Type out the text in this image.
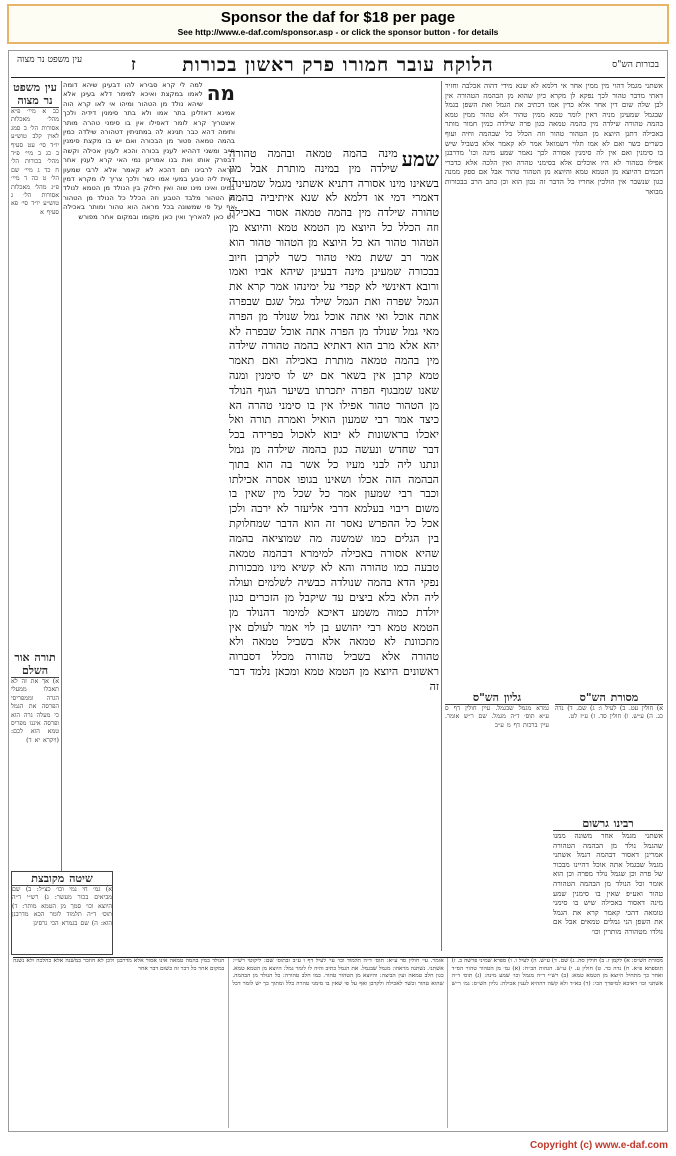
Sponsor the daf for $18 per page
See http://www.e-daf.com/sponsor.asp - or click the sponsor button - for details
בכורות הש"ס
הלוקח עובר חמורו פרק ראשון בכורות
ז
עין משפט נר מצוה
אשתני מגמל דהוי מין ממין אחר אי דלמא לא שנא מידי דהוה אכלבה וחזיר דאתי מדבר טהור לכך נפקא לן מקרא כיון שהוא מן הבהמה הטהורה אין לבן שלה שום דין אחר אלא כדין אמו דכתיב את הגמל ואת השפן בגמל שבגמל שמעינן מניה דאין לומר טמא ממין טהור ולא טהור ממין טמא בהמה טהורה שילדה מין בהמה טמאה כגון פרה שילדה כמין חמור מותר באכילה דתנן היוצא מן הטהור טהור וזה הכלל כל שבהמה וחיה ועוף כשרים כשר ואם לא אמו תלוי דשמואל אמר לא קאמר אלא בשביל שיש בו סימנין ואם אין לה סימנין אסורה לכך נאמר שמע מינה וכו' מדרבנן אפילו בטהור לא היו אוכלים אלא בסימני טהרה ואין הלכה אלא כדברי חכמים דהיוצא מן הטמא טמא והיוצא מן הטהור טהור אבל אם ספק ממנה כגון שנשבר אין הולכין אחריו כל הדבר זה נכון הוא וכן כתב הרב בבכורות מבואר
מסורת הש"ס
א) חולין עט. ב) לעיל ו: ג) שם. ד) נדה כג. ה) ע״ש. ו) חולין סד. ז) ע״ז לט.
גליון הש"ס
גמרא מגמל שבגמל. עיין חולין דף ס ע״א תוס׳ ד״ה מגמל. שם ר״ש אומר. עיין ברכות דף מ ע״ב
רבינו גרשום
אשתני מגמל אחר משונה ממנו שהגמל נולד מן הבהמה הטהורה אמרינן דאסור דבהמה דגמל אשתני מגמל שבגמל אתה אוכל דהיינו מבכור של פרה וכן שגמל נולד מפרה וכן הוא אומר וכל הנולד מן הבהמה הטהורה טהור ואע״פ שאין בו סימנין שמע מינה דאסור באכילה שיש בו סימני טומאה דהכי קאמר קרא את הגמל את השפן הני גמלים טמאים אבל אם נולדו מטהורה מותרין וכו׳
שמע
מינה בהמה טמאה ובהמה טהורה שילדה מין במינה מותרת אבל מין בשאינו מינו אסורה דתניא אשתני מגמל שמעינהו דאמרי דמי או דלמא לא שנא איתיביה בהמה טהורה שילדה מין בהמה טמאה אסור באכילה וזה הכלל כל היוצא מן הטמא טמא והיוצא מן הטהור טהור הא כל היוצא מן הטהור טהור הוא אמר רב ששת מאי טהור כשר לקרבן חיוב בבכורה שמעינן מינה דבעינן שיהא אביו ואמו ורובא דאינשי לא קפדי על ימינהו אמר קרא את הגמל שפרה ואת הגמל שילד גמל שגם שבפרה אתה אוכל ואי אתה אוכל גמל שנולד מן הפרה מאי גמל שנולד מן הפרה אתה אוכל שבפרה לא יהא אלא מרב הוא דאתיא בהמה טהורה שילדה מין בהמה טמאה מותרת באכילה ואם תאמר טמא קרבן אין בשאר אם יש לו סימנין ומנה שאנו שמבגוף הפרה יתכרתו בשיער הגוף הנולד מן הטהור טהור אפילו אין בו סימני טהרה הא כיצד אמר רבי שמעון הואיל ואמרה תורה ואל יאכלו בראשונות לא יבוא לאכול בפרידה בכל דבר שחדש ונעשה כגון בהמה שילדה מן גמל ונתנו ליה לבני מעיו כל אשר בה הוא בתוך הבהמה הזה אכלו ושאינו בגופו אסרה אכילתו וכבר רבי שמעון אמר כל שכל מין שאין בו משום ריבוי בעלמא דרבי אליעזר לא ירבה ולכן אכל כל ההפרש נאסר זה הוא הדבר שמחלוקת בין הגלים כמו שמשנה מה שמוציאה בהמה שהיא אסורה באכילה למימרא דבהמה טמאה טבעה כמו טהורה והא לא קשיא מינו מבכורות נפקי הדא בהמה שנולדה כבשיה לשלמים ועולה ליה הלא בלא ביצים עד שיקבל מן הזכרים כגון יולדת כמוה משמע דאיכא למימר דהנולד מן הטמא טמא רבי יהושע בן לוי אמר לעולם אין מתכוונת לא טמאה אלא בשביל טמאה ולא טהורה אלא בשביל טהורה מכלל דסברוה ראשונים היוצא מן הטמא טמא ומכאן נלמד דבר זה
מה
למה לי קרא סבירא להו דבעינן שיהא דומה לאמו במקצת ואיכא למימר דלא בעינן אלא שיהא נולד מן הטהור ומיהו אי לאו קרא הוה אמינא דאזלינן בתר אמו ולא בתר סימנין דידיה ולכך איצטריך קרא לומר דאפילו אין בו סימני טהרה מותר ותימה דהא כבר תנינא לה במתניתין דטהורה שילדה כמין בהמה טמאה פטור מן הבכורה ואם יש בו מקצת סימנין חייב ומשני דההיא לענין בכורה והכא לענין אכילה וקשה דבפרק אותו ואת בנו אמרינן נמי האי קרא לענין אחר ונראה לרבינו תם דהכא לא קאמר אלא לרבי שמעון דאית ליה טבע במעי אמו כשר ולכך צריך לו מקרא דמין במינו ואינו מינו שוה ואין חילוק בין הנולד מן הטמא לנולד מן הטהור מלבד הטבע וזה הכלל כל הנולד מן הטהור אף על פי שמשונה בכל מראה הוא טהור ומותר באכילה ויש כאן להאריך ואין כאן מקומו ובמקום אחר מפורש
עין משפט נר מצוה
כב א מיי׳ פ״א מהל׳ מאכלות אסורות הל׳ ב סמג לאוין קלב טוש״ע יו״ד סי׳ עט סעיף ב כג ב מיי׳ פ״ד מהל׳ בכורות הל׳ ח כד ג מיי׳ שם הל׳ ט כה ד מיי׳ פ״ג מהל׳ מאכלות אסורות הל׳ ג טוש״ע יו״ד סי׳ פא סעיף א
תורה אור השלם
א) אך את זה לא תאכלו ממעלי הגרה וממפריסי הפרסה את הגמל כי מעלה גרה הוא ופרסה איננו מפריס טמא הוא לכם: (ויקרא יא ד)
שיטה מקובצת
א) גמ׳ חי נמי וכו׳ כצ״ל: ב) שם מביאים בכור מעשר: ג) רש״י ד״ה היוצא וכו׳ סמך מן הטמא מותר: ד) תוס׳ ד״ה תלמוד לומר הכא מדרבנן הוא: ה) שם בגמרא הכי גרסינן
מסורת הש״ס: א) לקמן ז. ב) חולין סה. ג) שם. ד) ע״ש. ה) לעיל ו. ו) ספרא שמיני פרשה ב. ז) תוספתא פ״א. ח) נדה כד. ט) חולין ע. י) ע״ש. הגהות הב״ח: (א) גמ׳ מן הטהור טהור הס״ד ואחר כך מתחיל היוצא מן הטמא טמא: (ב) רש״י ד״ה מגמל וכו׳ שמע מינה: (ג) תוס׳ ד״ה אשתני וכו׳ דאיכא למיפרך הכי: (ד) בא״ד ולא קשה דההיא לענין אכילה: גליון הש״ס: גמ׳ ר״ש אומר. עי׳ חולין סד ע״א: תוס׳ ד״ה תלמוד וכו׳ עי׳ לעיל דף ו ע״ב ובתוס׳ שם: ליקוטי רש״י: אשתני. נשתנה מראהו: מגמל שבגמל. את הגמל כתיב והיה לו לומר גמל: היוצא מן הטמא טמא. כגון חלב טמאה ועין הביצה: והיוצא מן הטהור טהור. כמו חלב טהורה: כל הנולד מן הבהמה. שהוא טהור וכשר לאכילה ולקרבן ואף על פי שאין בו סימני טהרה כלל ומתוך כך יש לומר דכל הנולד כמין בהמה טמאה אינו אסור אלא מדרבנן ולכן לא הוזכר במשנה אלא כהלכה ולא נשנה במקום אחר כל דבר זה בשום דבר אחר
Copyright (c) www.e-daf.com
